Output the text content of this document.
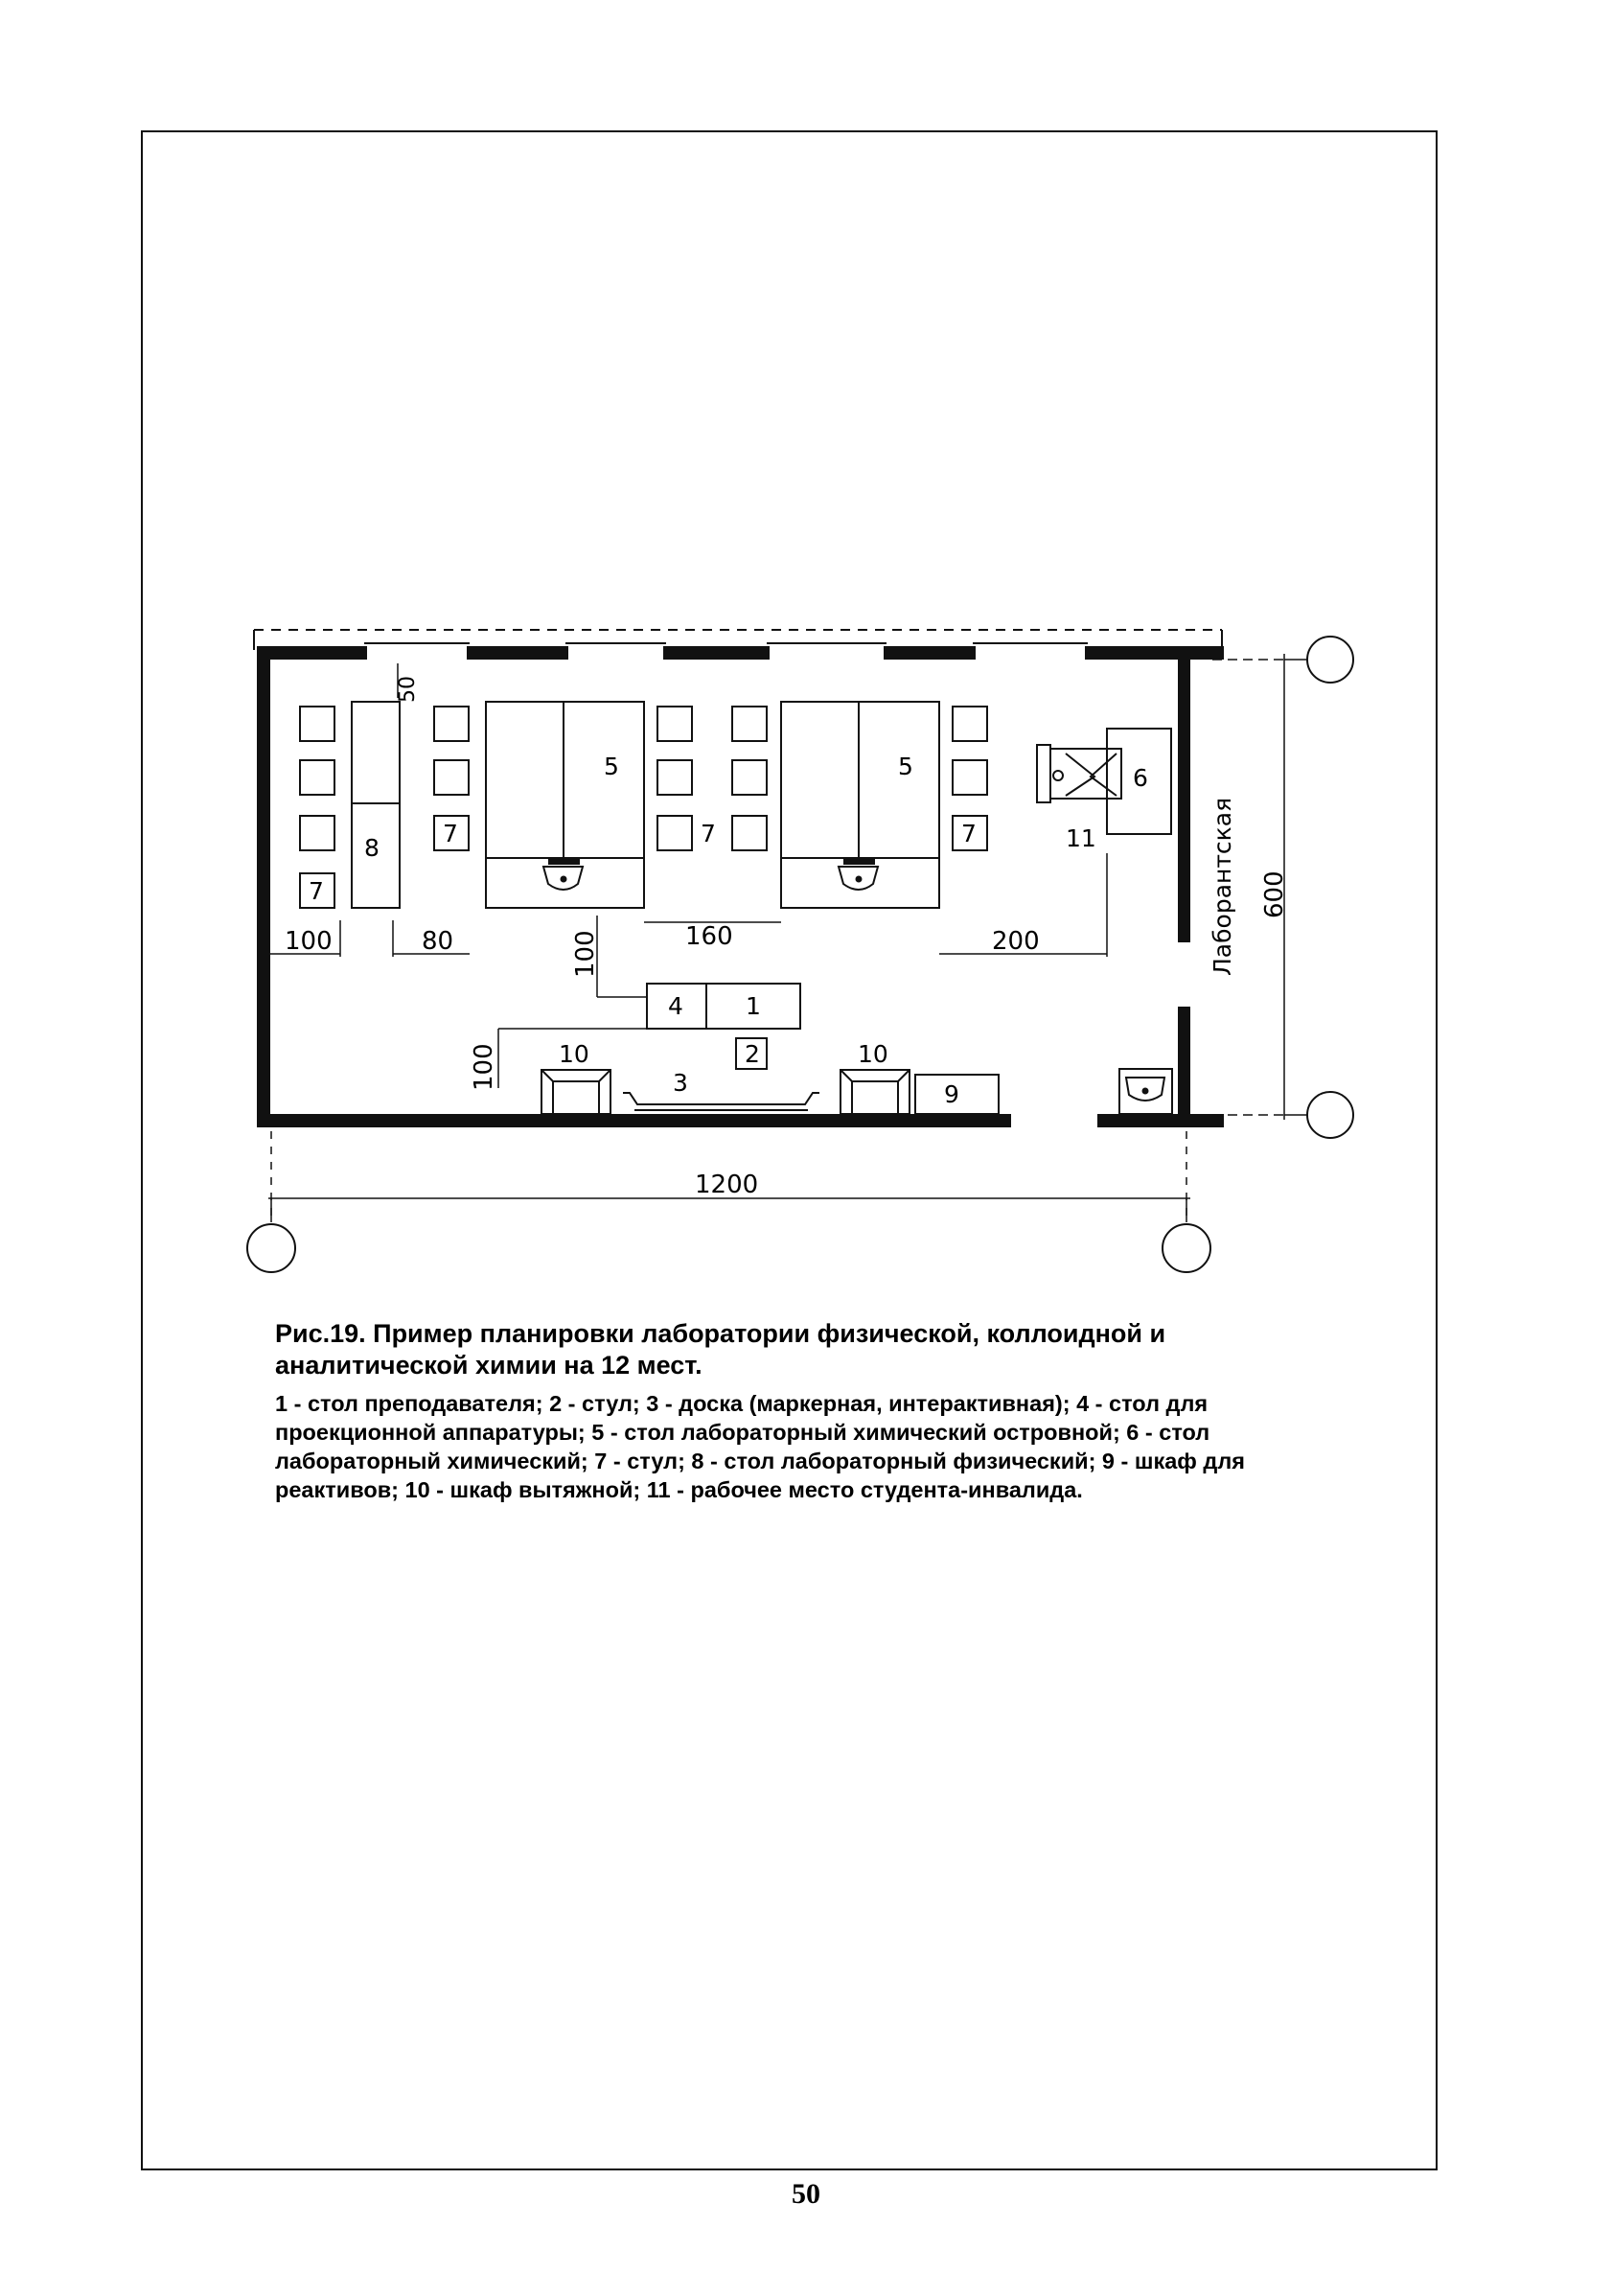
8
5	5	6
11
7
7	7	7
4	1
2
10	10
3	9
50
100	80	100	160	200
100
600
1200
Лаборантская

Рис.19. Пример планировки лаборатории физической, коллоидной и аналитической химии на 12 мест.

1 - стол преподавателя; 2 - стул; 3 - доска (маркерная, интерактивная); 4 - стол для проекционной аппаратуры; 5 - стол лабораторный химический островной; 6 - стол лабораторный химический; 7 - стул; 8 - стол лабораторный физический; 9 - шкаф для реактивов; 10 - шкаф вытяжной; 11 - рабочее место студента-инвалида.

50
